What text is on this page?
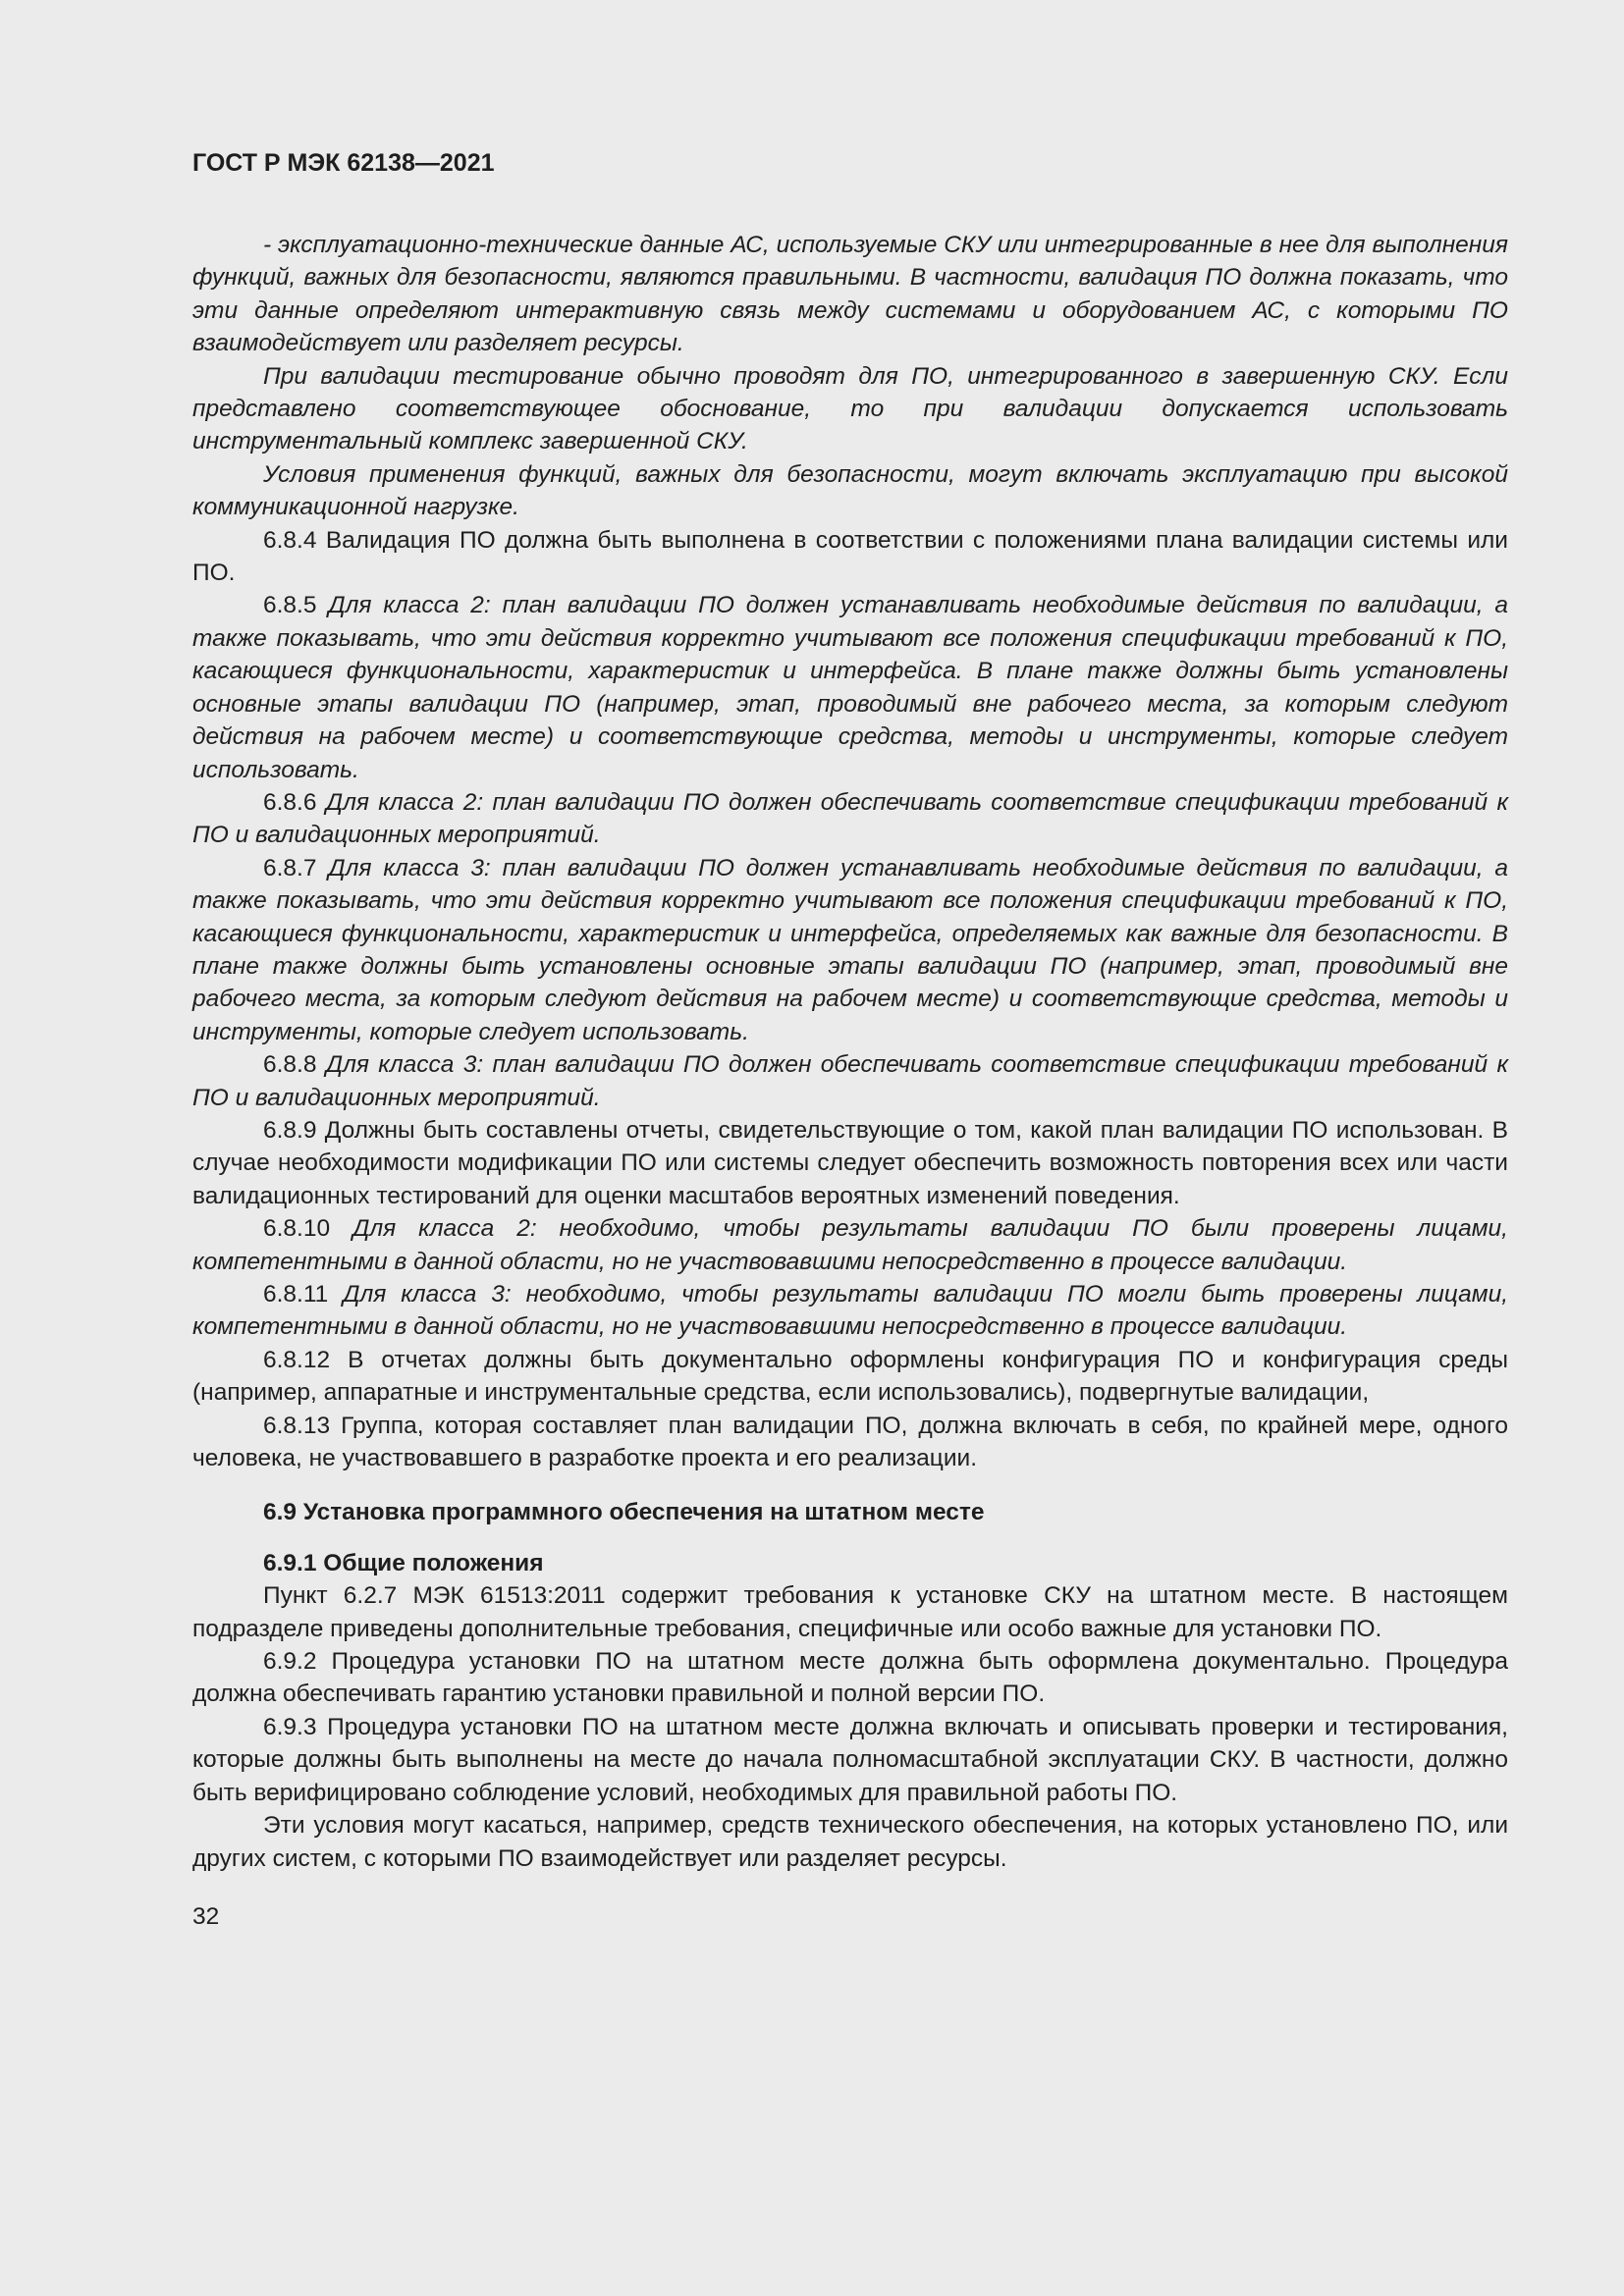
ГОСТ Р МЭК 62138—2021

- эксплуатационно-технические данные АС, используемые СКУ или интегрированные в нее для выполнения функций, важных для безопасности, являются правильными. В частности, валидация ПО должна показать, что эти данные определяют интерактивную связь между системами и оборудованием АС, с которыми ПО взаимодействует или разделяет ресурсы.

При валидации тестирование обычно проводят для ПО, интегрированного в завершенную СКУ. Если представлено соответствующее обоснование, то при валидации допускается использовать инструментальный комплекс завершенной СКУ.

Условия применения функций, важных для безопасности, могут включать эксплуатацию при высокой коммуникационной нагрузке.

6.8.4 Валидация ПО должна быть выполнена в соответствии с положениями плана валидации системы или ПО.

6.8.5 Для класса 2: план валидации ПО должен устанавливать необходимые действия по валидации, а также показывать, что эти действия корректно учитывают все положения спецификации требований к ПО, касающиеся функциональности, характеристик и интерфейса. В плане также должны быть установлены основные этапы валидации ПО (например, этап, проводимый вне рабочего места, за которым следуют действия на рабочем месте) и соответствующие средства, методы и инструменты, которые следует использовать.

6.8.6 Для класса 2: план валидации ПО должен обеспечивать соответствие спецификации требований к ПО и валидационных мероприятий.

6.8.7 Для класса 3: план валидации ПО должен устанавливать необходимые действия по валидации, а также показывать, что эти действия корректно учитывают все положения спецификации требований к ПО, касающиеся функциональности, характеристик и интерфейса, определяемых как важные для безопасности. В плане также должны быть установлены основные этапы валидации ПО (например, этап, проводимый вне рабочего места, за которым следуют действия на рабочем месте) и соответствующие средства, методы и инструменты, которые следует использовать.

6.8.8 Для класса 3: план валидации ПО должен обеспечивать соответствие спецификации требований к ПО и валидационных мероприятий.

6.8.9 Должны быть составлены отчеты, свидетельствующие о том, какой план валидации ПО использован. В случае необходимости модификации ПО или системы следует обеспечить возможность повторения всех или части валидационных тестирований для оценки масштабов вероятных изменений поведения.

6.8.10 Для класса 2: необходимо, чтобы результаты валидации ПО были проверены лицами, компетентными в данной области, но не участвовавшими непосредственно в процессе валидации.

6.8.11 Для класса 3: необходимо, чтобы результаты валидации ПО могли быть проверены лицами, компетентными в данной области, но не участвовавшими непосредственно в процессе валидации.

6.8.12 В отчетах должны быть документально оформлены конфигурация ПО и конфигурация среды (например, аппаратные и инструментальные средства, если использовались), подвергнутые валидации,

6.8.13 Группа, которая составляет план валидации ПО, должна включать в себя, по крайней мере, одного человека, не участвовавшего в разработке проекта и его реализации.

6.9 Установка программного обеспечения на штатном месте
6.9.1 Общие положения

Пункт 6.2.7 МЭК 61513:2011 содержит требования к установке СКУ на штатном месте. В настоящем подразделе приведены дополнительные требования, специфичные или особо важные для установки ПО.

6.9.2 Процедура установки ПО на штатном месте должна быть оформлена документально. Процедура должна обеспечивать гарантию установки правильной и полной версии ПО.

6.9.3 Процедура установки ПО на штатном месте должна включать и описывать проверки и тестирования, которые должны быть выполнены на месте до начала полномасштабной эксплуатации СКУ. В частности, должно быть верифицировано соблюдение условий, необходимых для правильной работы ПО.

Эти условия могут касаться, например, средств технического обеспечения, на которых установлено ПО, или других систем, с которыми ПО взаимодействует или разделяет ресурсы.

32
